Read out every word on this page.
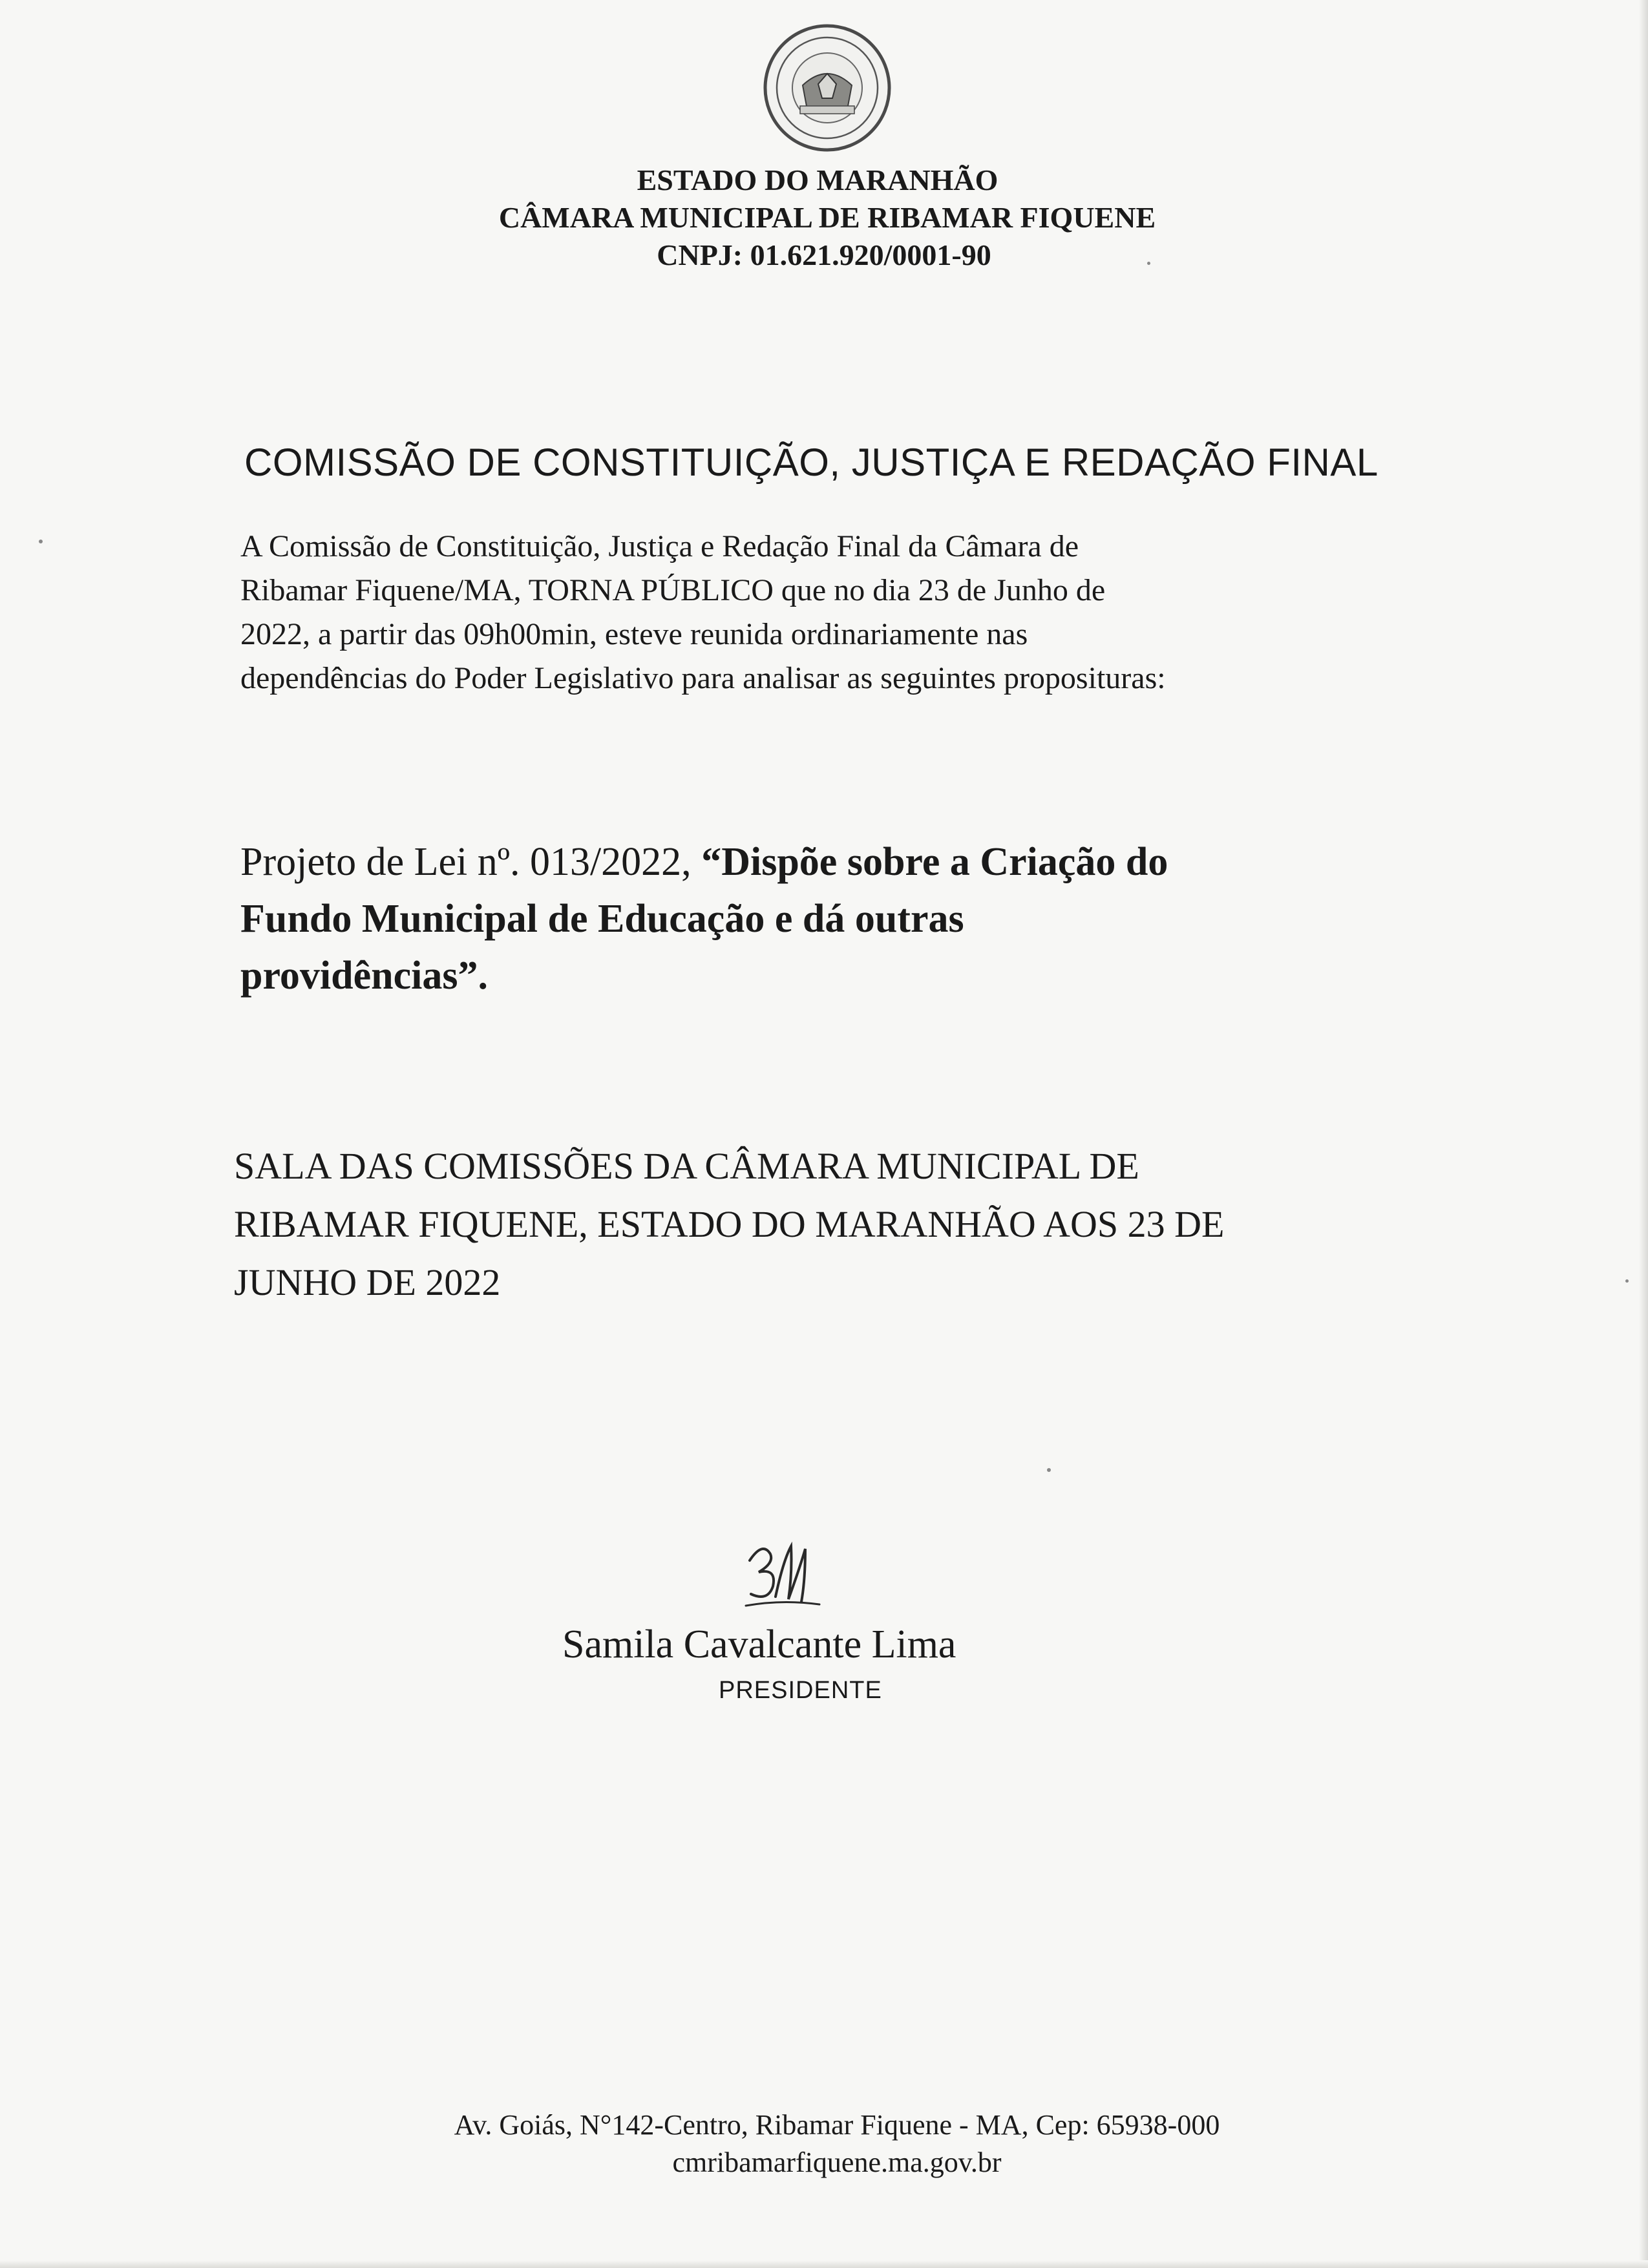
ESTADO DO MARANHÃO
CÂMARA MUNICIPAL DE RIBAMAR FIQUENE
CNPJ: 01.621.920/0001-90
COMISSÃO DE CONSTITUIÇÃO, JUSTIÇA E REDAÇÃO FINAL
A Comissão de Constituição, Justiça e Redação Final da Câmara de
Ribamar Fiquene/MA, TORNA PÚBLICO que no dia 23 de Junho de
2022, a partir das 09h00min, esteve reunida ordinariamente nas
dependências do Poder Legislativo para analisar as seguintes proposituras:
Projeto de Lei nº. 013/2022, “Dispõe sobre a Criação do
Fundo Municipal de Educação e dá outras
providências”.
SALA DAS COMISSÕES DA CÂMARA MUNICIPAL DE
RIBAMAR FIQUENE, ESTADO DO MARANHÃO AOS 23 DE
JUNHO DE 2022
Samila Cavalcante Lima
PRESIDENTE
Av. Goiás, N°142-Centro, Ribamar Fiquene - MA, Cep: 65938-000
cmribamarfiquene.ma.gov.br
